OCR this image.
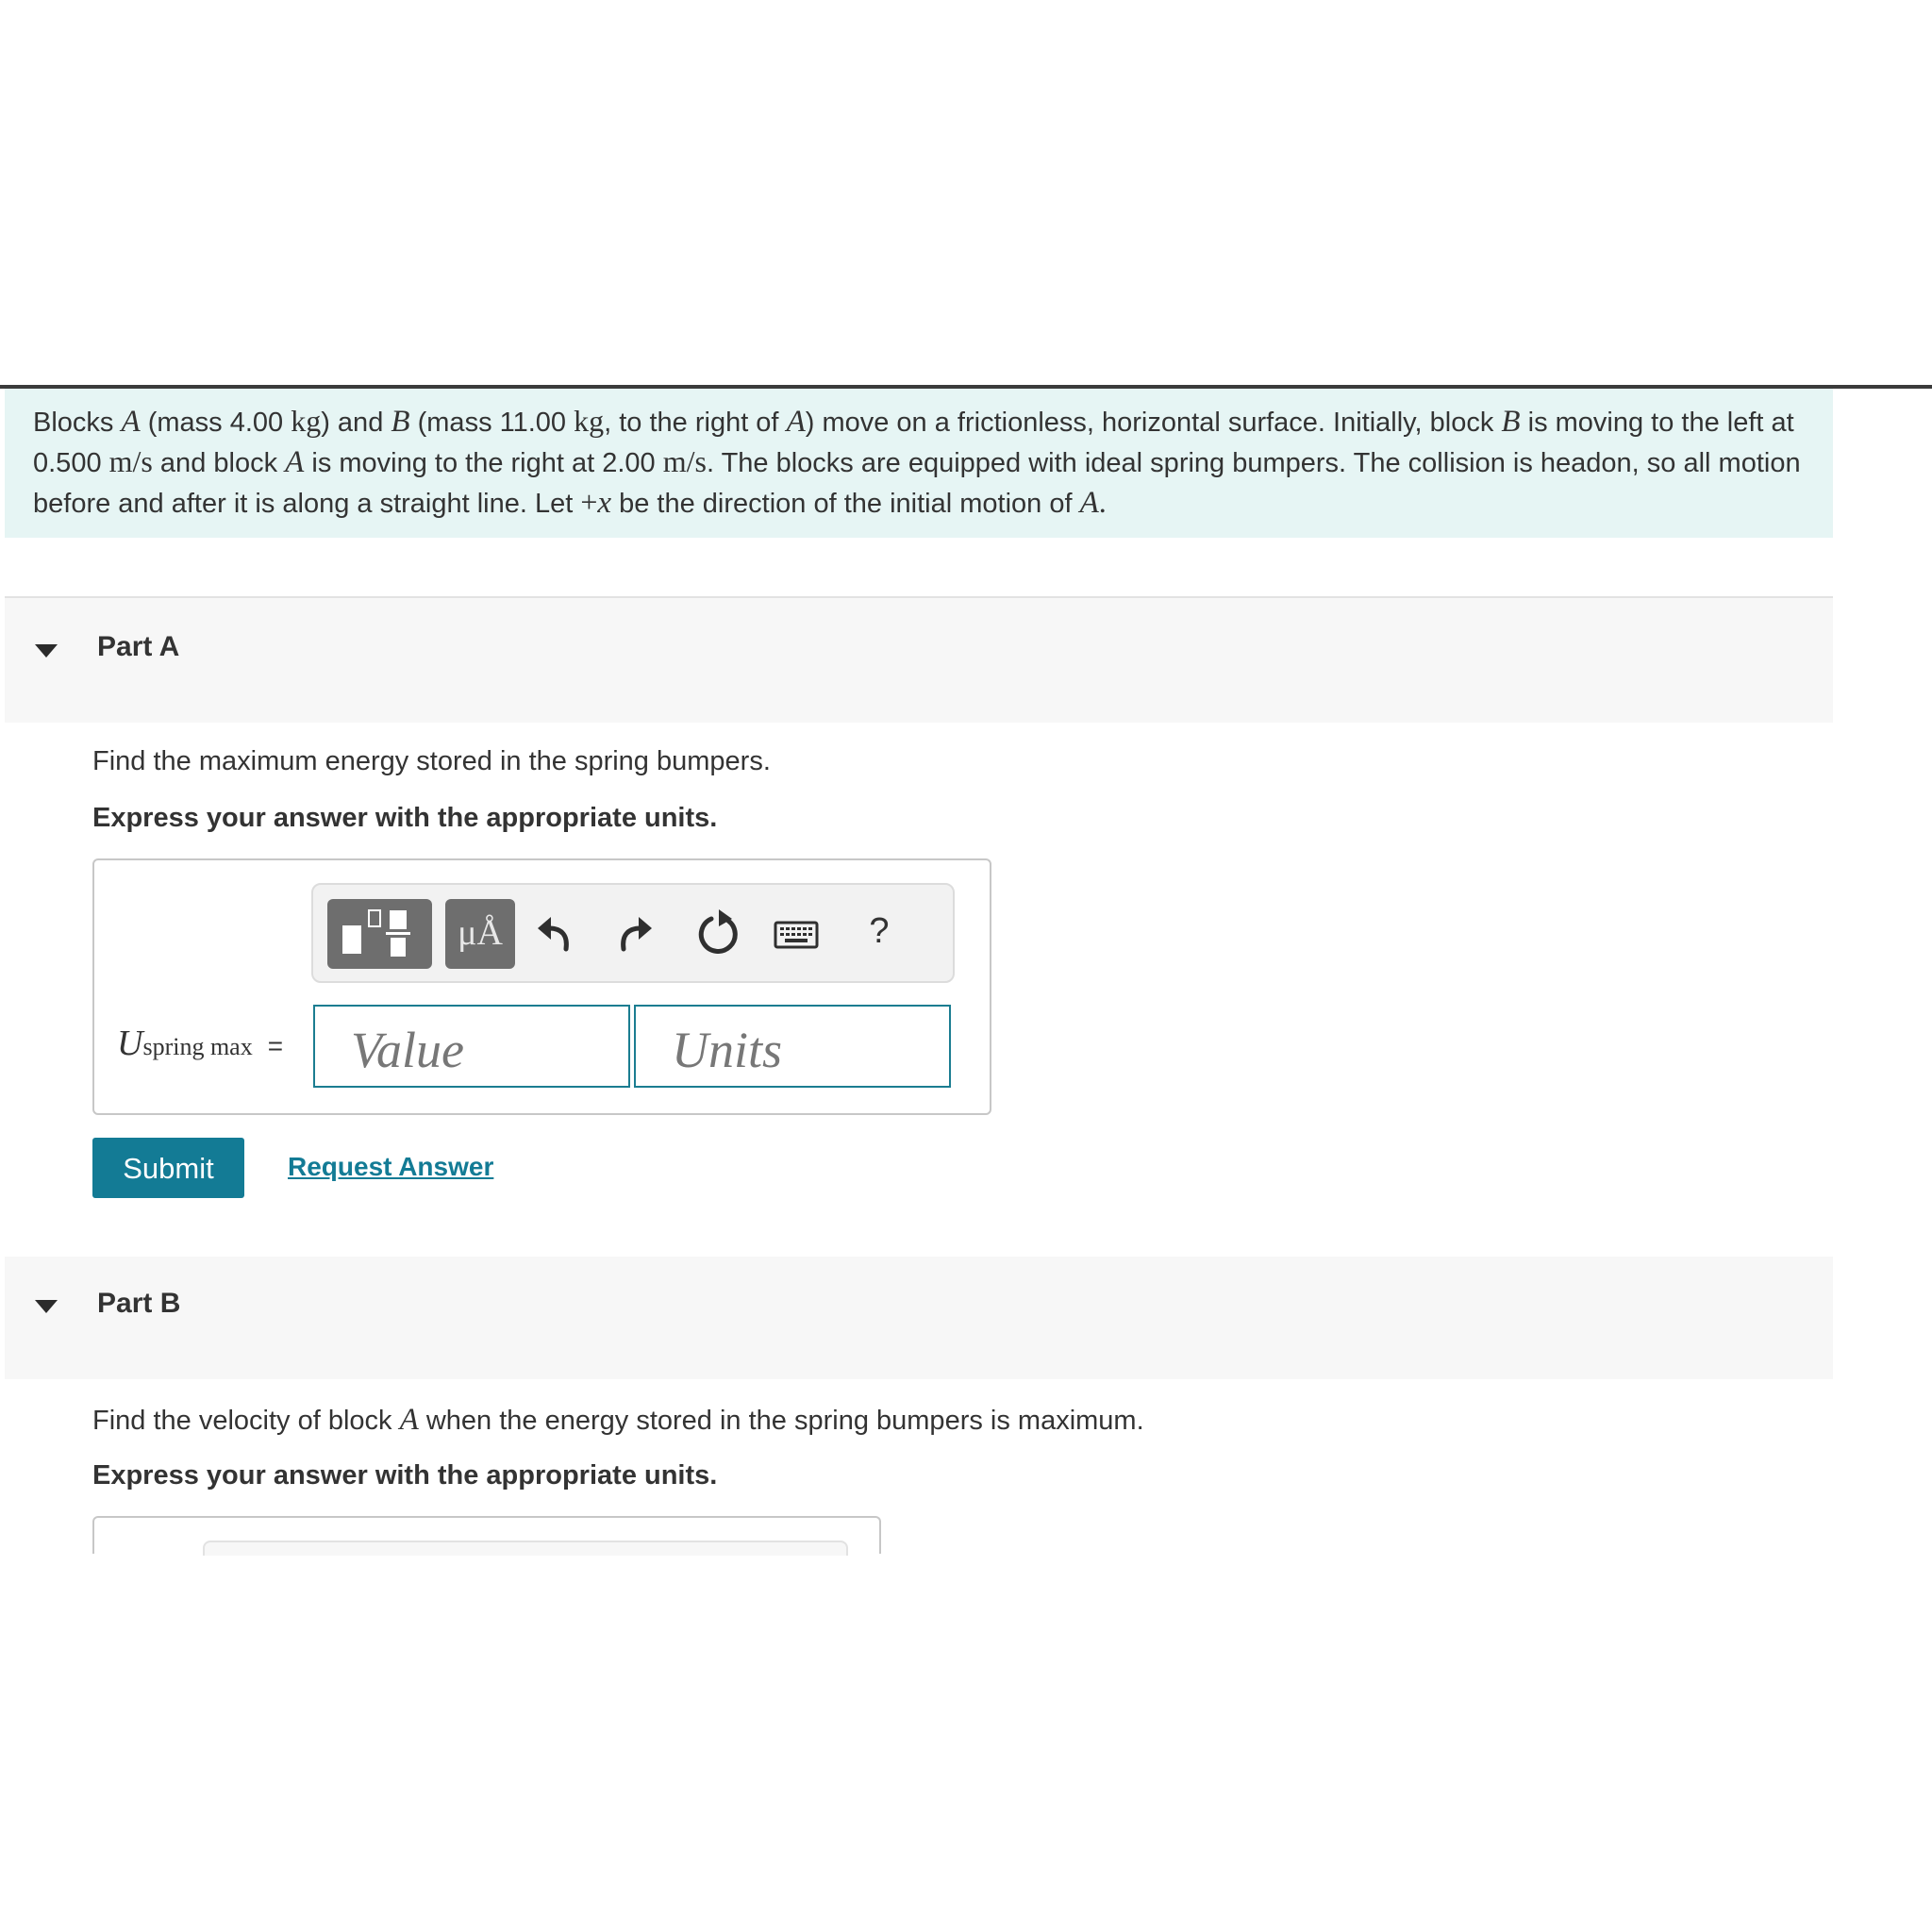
Blocks A (mass 4.00 kg) and B (mass 11.00 kg, to the right of A) move on a frictionless, horizontal surface. Initially, block B is moving to the left at 0.500 m/s and block A is moving to the right at 2.00 m/s. The blocks are equipped with ideal spring bumpers. The collision is headon, so all motion before and after it is along a straight line. Let +x be the direction of the initial motion of A.

Part A
Find the maximum energy stored in the spring bumpers.
Express your answer with the appropriate units.
μÅ	?
Uspring max =
Value
Units
Submit	Request Answer
Part B
Find the velocity of block A when the energy stored in the spring bumpers is maximum.
Express your answer with the appropriate units.
